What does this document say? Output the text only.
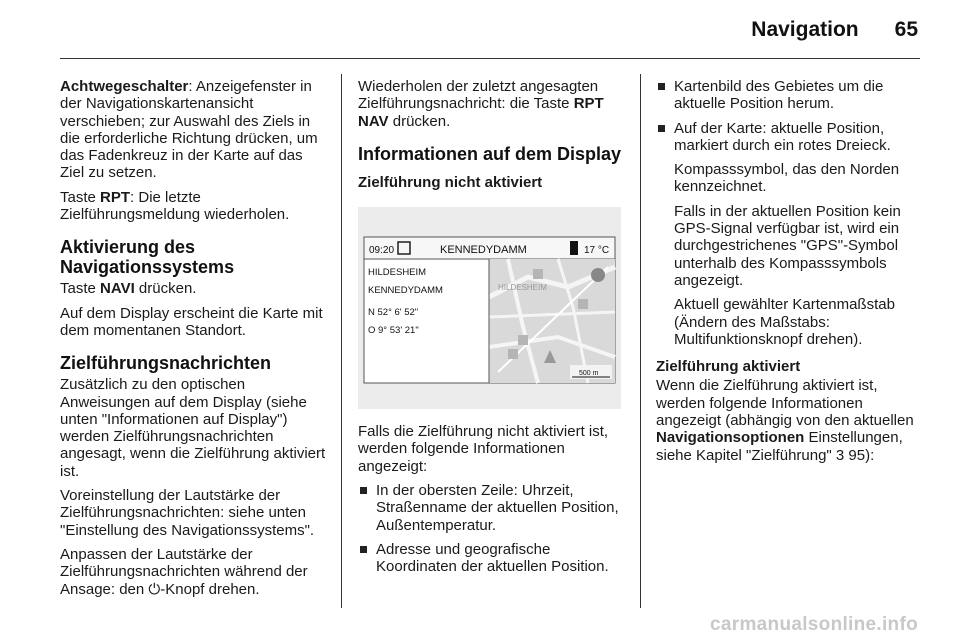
Navigation 65

Achtwegeschalter: Anzeigefenster in der Navigationskartenansicht verschieben; zur Auswahl des Ziels in die erforderliche Richtung drücken, um das Fadenkreuz in der Karte auf das Ziel zu setzen.

Taste RPT: Die letzte Zielführungsmeldung wiederholen.

Aktivierung des Navigationssystems

Taste NAVI drücken.

Auf dem Display erscheint die Karte mit dem momentanen Standort.

Zielführungsnachrichten

Zusätzlich zu den optischen Anweisungen auf dem Display (siehe unten "Informationen auf Display") werden Zielführungsnachrichten angesagt, wenn die Zielführung aktiviert ist.

Voreinstellung der Lautstärke der Zielführungsnachrichten: siehe unten "Einstellung des Navigationssystems".

Anpassen der Lautstärke der Zielführungsnachrichten während der Ansage: den ⏻-Knopf drehen.

Wiederholen der zuletzt angesagten Zielführungsnachricht: die Taste RPT NAV drücken.

Informationen auf dem Display
Zielführung nicht aktiviert
09:20	KENNEDYDAMM	17 °C
HILDESHEIM
KENNEDYDAMM
N 52° 6' 52"
O 9° 53' 21"
HILDESHEIM
500 m

Falls die Zielführung nicht aktiviert ist, werden folgende Informationen angezeigt:

In der obersten Zeile: Uhrzeit, Straßenname der aktuellen Position, Außentemperatur.
Adresse und geografische Koordinaten der aktuellen Position.
Kartenbild des Gebietes um die aktuelle Position herum.
Auf der Karte: aktuelle Position, markiert durch ein rotes Dreieck.
Kompasssymbol, das den Norden kennzeichnet.
Falls in der aktuellen Position kein GPS-Signal verfügbar ist, wird ein durchgestrichenes "GPS"-Symbol unterhalb des Kompasssymbols angezeigt.
Aktuell gewählter Kartenmaßstab (Ändern des Maßstabs: Multifunktionsknopf drehen).
Zielführung aktiviert

Wenn die Zielführung aktiviert ist, werden folgende Informationen angezeigt (abhängig von den aktuellen Navigationsoptionen Einstellungen, siehe Kapitel "Zielführung" 3 95):

carmanualsonline.info
